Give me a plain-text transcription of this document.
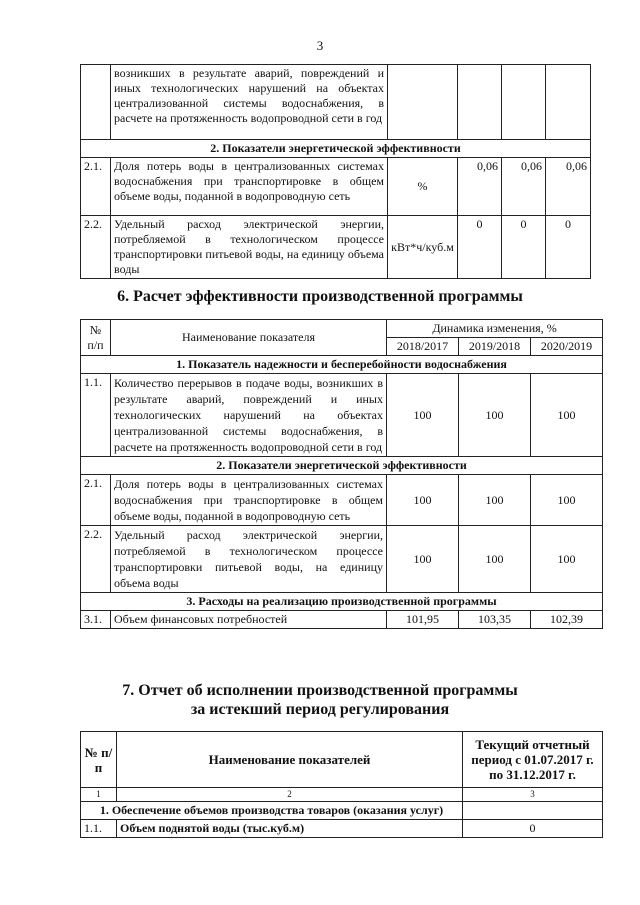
3
	возникших в результате аварий, повреждений и иных технологических нарушений на объектах централизованной системы водоснабжения, в расчете на протяженность водопроводной сети в год				
2. Показатели энергетической эффективности					
2.1.	Доля потерь воды в централизованных системах водоснабжения при транспортировке в общем объеме воды, поданной в водопроводную сеть	%	0,06	0,06	0,06
2.2.	Удельный расход электрической энергии, потребляемой в технологическом процессе транспортировки питьевой воды, на единицу объема воды	кВт*ч/куб.м	0	0	0
6. Расчет эффективности производственной программы
№ п/п	Наименование показателя	Динамика изменения, %		
		2018/2017	2019/2018	2020/2019
1. Показатель надежности и бесперебойности водоснабжения				
1.1.	Количество перерывов в подаче воды, возникших в результате аварий, повреждений и иных технологических нарушений на объектах централизованной системы водоснабжения, в расчете на протяженность водопроводной сети в год	100	100	100
2. Показатели энергетической эффективности				
2.1.	Доля потерь воды в централизованных системах водоснабжения при транспортировке в общем объеме воды, поданной в водопроводную сеть	100	100	100
2.2.	Удельный расход электрической энергии, потребляемой в технологическом процессе транспортировки питьевой воды, на единицу объема воды	100	100	100
3. Расходы на реализацию производственной программы				
3.1.	Объем финансовых потребностей	101,95	103,35	102,39
7. Отчет об исполнении производственной программы
за истекший период регулирования
№ п/п	Наименование показателей	Текущий отчетный период с 01.07.2017 г. по 31.12.2017 г.
1	2	3
1. Обеспечение объемов производства товаров (оказания услуг)		
1.1.	Объем поднятой воды (тыс.куб.м)	0
